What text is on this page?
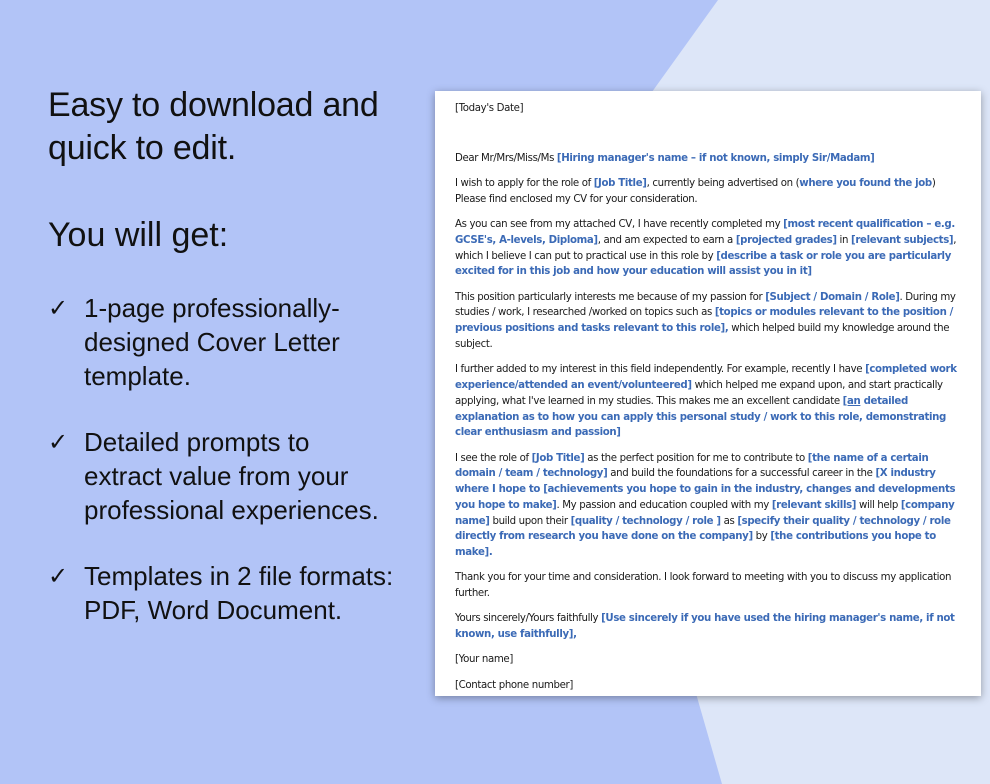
Easy to download and
quick to edit.
You will get:
✓ 1-page professionally-
designed Cover Letter
template.
✓ Detailed prompts to
extract value from your
professional experiences.
✓ Templates in 2 file formats:
PDF, Word Document.

[Today's Date]

Dear Mr/Mrs/Miss/Ms [Hiring manager's name – if not known, simply Sir/Madam]

I wish to apply for the role of [Job Title], currently being advertised on (where you found the job) Please find enclosed my CV for your consideration.

As you can see from my attached CV, I have recently completed my [most recent qualification – e.g. GCSE's, A-levels, Diploma], and am expected to earn a [projected grades] in [relevant subjects], which I believe I can put to practical use in this role by [describe a task or role you are particularly excited for in this job and how your education will assist you in it]

This position particularly interests me because of my passion for [Subject / Domain / Role]. During my studies / work, I researched /worked on topics such as [topics or modules relevant to the position / previous positions and tasks relevant to this role], which helped build my knowledge around the subject.

I further added to my interest in this field independently. For example, recently I have [completed work experience/attended an event/volunteered] which helped me expand upon, and start practically applying, what I've learned in my studies. This makes me an excellent candidate [an detailed explanation as to how you can apply this personal study / work to this role, demonstrating clear enthusiasm and passion]

I see the role of [Job Title] as the perfect position for me to contribute to [the name of a certain domain / team / technology] and build the foundations for a successful career in the [X industry where I hope to [achievements you hope to gain in the industry, changes and developments you hope to make]. My passion and education coupled with my [relevant skills] will help [company name] build upon their [quality / technology / role ] as [specify their quality / technology / role directly from research you have done on the company] by [the contributions you hope to make].

Thank you for your time and consideration. I look forward to meeting with you to discuss my application further.

Yours sincerely/Yours faithfully [Use sincerely if you have used the hiring manager's name, if not known, use faithfully],

[Your name]

[Contact phone number]
